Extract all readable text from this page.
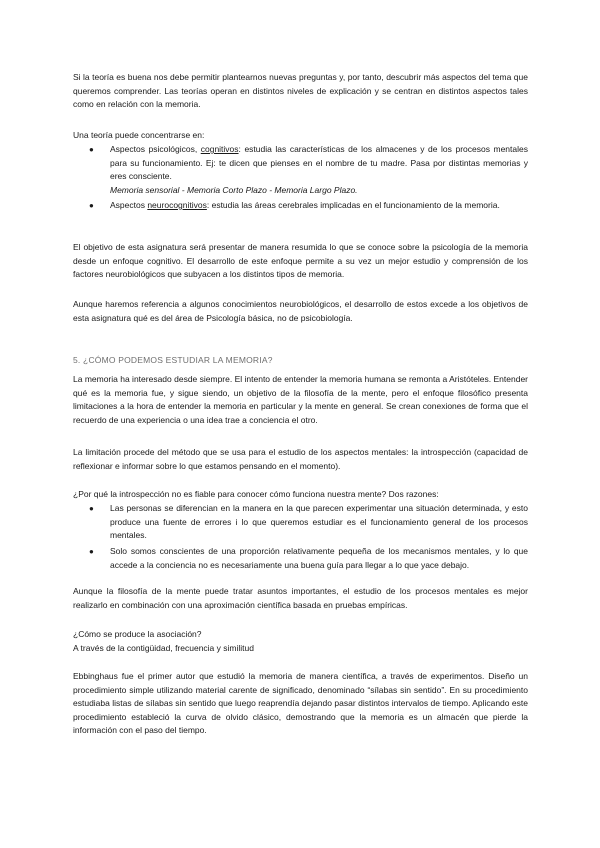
Si la teoría es buena nos debe permitir plantearnos nuevas preguntas y, por tanto, descubrir más aspectos del tema que queremos comprender. Las teorías operan en distintos niveles de explicación y se centran en distintos aspectos tales como en relación con la memoria.

Una teoría puede concentrarse en:

●	Aspectos psicológicos, cognitivos: estudia las características de los almacenes y de los procesos mentales para su funcionamiento. Ej: te dicen que pienses en el nombre de tu madre. Pasa por distintas memorias y eres consciente.
Memoria sensorial - Memoria Corto Plazo - Memoria Largo Plazo.
●	Aspectos neurocognitivos: estudia las áreas cerebrales implicadas en el funcionamiento de la memoria.

El objetivo de esta asignatura será presentar de manera resumida lo que se conoce sobre la psicología de la memoria desde un enfoque cognitivo. El desarrollo de este enfoque permite a su vez un mejor estudio y comprensión de los factores neurobiológicos que subyacen a los distintos tipos de memoria.

Aunque haremos referencia a algunos conocimientos neurobiológicos, el desarrollo de estos excede a los objetivos de esta asignatura qué es del área de Psicología básica, no de psicobiología.

5. ¿CÓMO PODEMOS ESTUDIAR LA MEMORIA?

La memoria ha interesado desde siempre. El intento de entender la memoria humana se remonta a Aristóteles. Entender qué es la memoria fue, y sigue siendo, un objetivo de la filosofía de la mente, pero el enfoque filosófico presenta limitaciones a la hora de entender la memoria en particular y la mente en general. Se crean conexiones de forma que el recuerdo de una experiencia o una idea trae a conciencia el otro.

La limitación procede del método que se usa para el estudio de los aspectos mentales: la introspección (capacidad de reflexionar e informar sobre lo que estamos pensando en el momento).

¿Por qué la introspección no es fiable para conocer cómo funciona nuestra mente? Dos razones:

●	Las personas se diferencian en la manera en la que parecen experimentar una situación determinada, y esto produce una fuente de errores i lo que queremos estudiar es el funcionamiento general de los procesos mentales.
●	Solo somos conscientes de una proporción relativamente pequeña de los mecanismos mentales, y lo que accede a la conciencia no es necesariamente una buena guía para llegar a lo que yace debajo.

Aunque la filosofía de la mente puede tratar asuntos importantes, el estudio de los procesos mentales es mejor realizarlo en combinación con una aproximación científica basada en pruebas empíricas.

¿Cómo se produce la asociación?

A través de la contigüidad, frecuencia y similitud

Ebbinghaus fue el primer autor que estudió la memoria de manera científica, a través de experimentos. Diseño un procedimiento simple utilizando material carente de significado, denominado “sílabas sin sentido”. En su procedimiento estudiaba listas de sílabas sin sentido que luego reaprendía dejando pasar distintos intervalos de tiempo. Aplicando este procedimiento estableció la curva de olvido clásico, demostrando que la memoria es un almacén que pierde la información con el paso del tiempo.
